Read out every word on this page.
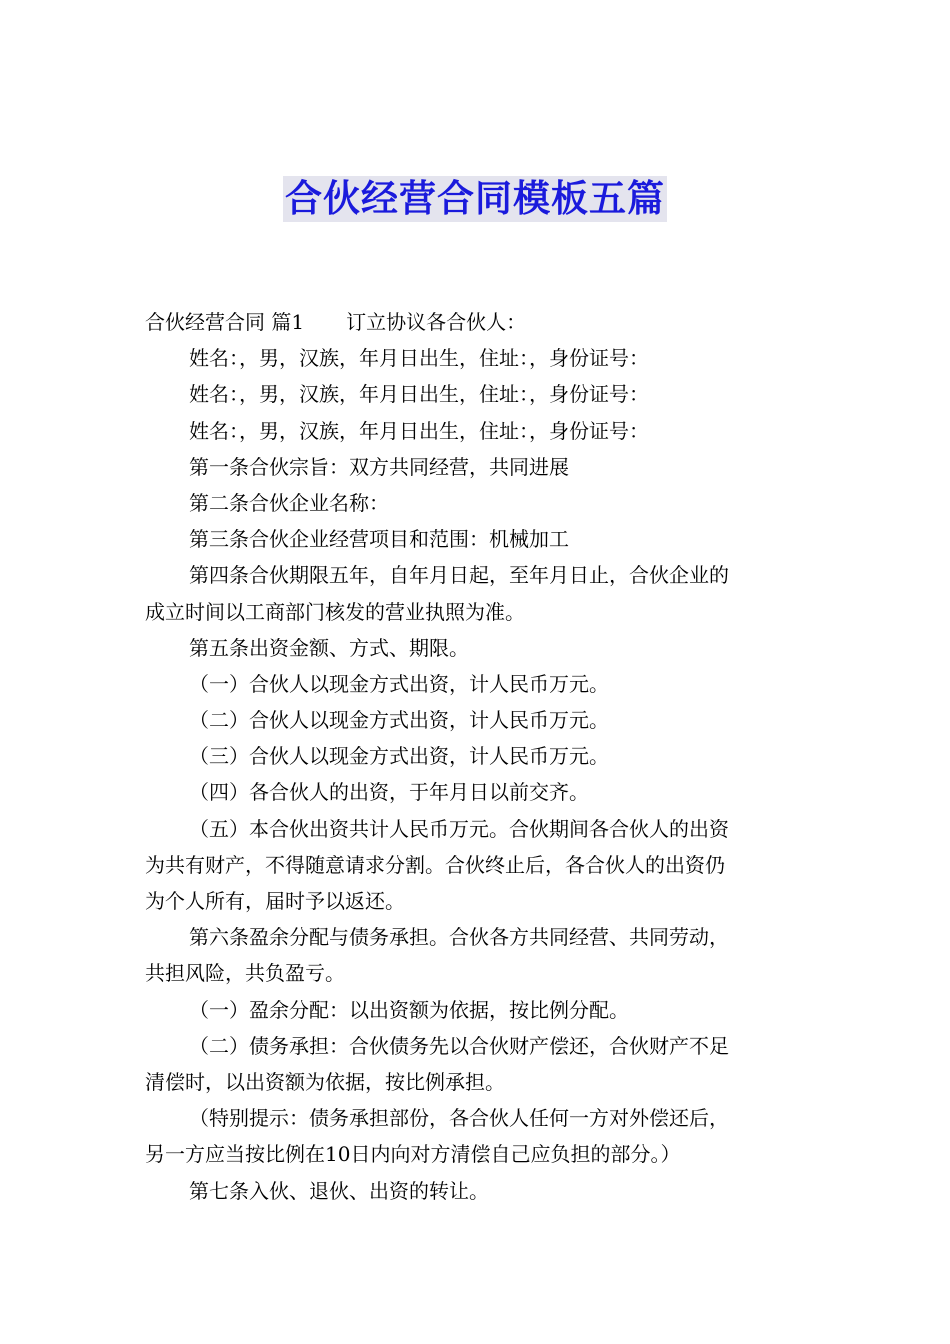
合伙经营合同模板五篇
合伙经营合同 篇1 订立协议各合伙人：
姓名：，男，汉族，年月日出生，住址：，身份证号：
姓名：，男，汉族，年月日出生，住址：，身份证号：
姓名：，男，汉族，年月日出生，住址：，身份证号：
第一条合伙宗旨：双方共同经营，共同进展
第二条合伙企业名称：
第三条合伙企业经营项目和范围：机械加工
第四条合伙期限五年，自年月日起，至年月日止，合伙企业的
成立时间以工商部门核发的营业执照为准。
第五条出资金额、方式、期限。
（一）合伙人以现金方式出资，计人民币万元。
（二）合伙人以现金方式出资，计人民币万元。
（三）合伙人以现金方式出资，计人民币万元。
（四）各合伙人的出资，于年月日以前交齐。
（五）本合伙出资共计人民币万元。合伙期间各合伙人的出资
为共有财产，不得随意请求分割。合伙终止后，各合伙人的出资仍
为个人所有，届时予以返还。
第六条盈余分配与债务承担。合伙各方共同经营、共同劳动，
共担风险，共负盈亏。
（一）盈余分配：以出资额为依据，按比例分配。
（二）债务承担：合伙债务先以合伙财产偿还，合伙财产不足
清偿时，以出资额为依据，按比例承担。
（特别提示：债务承担部份，各合伙人任何一方对外偿还后，
另一方应当按比例在10日内向对方清偿自己应负担的部分。）
第七条入伙、退伙、出资的转让。
